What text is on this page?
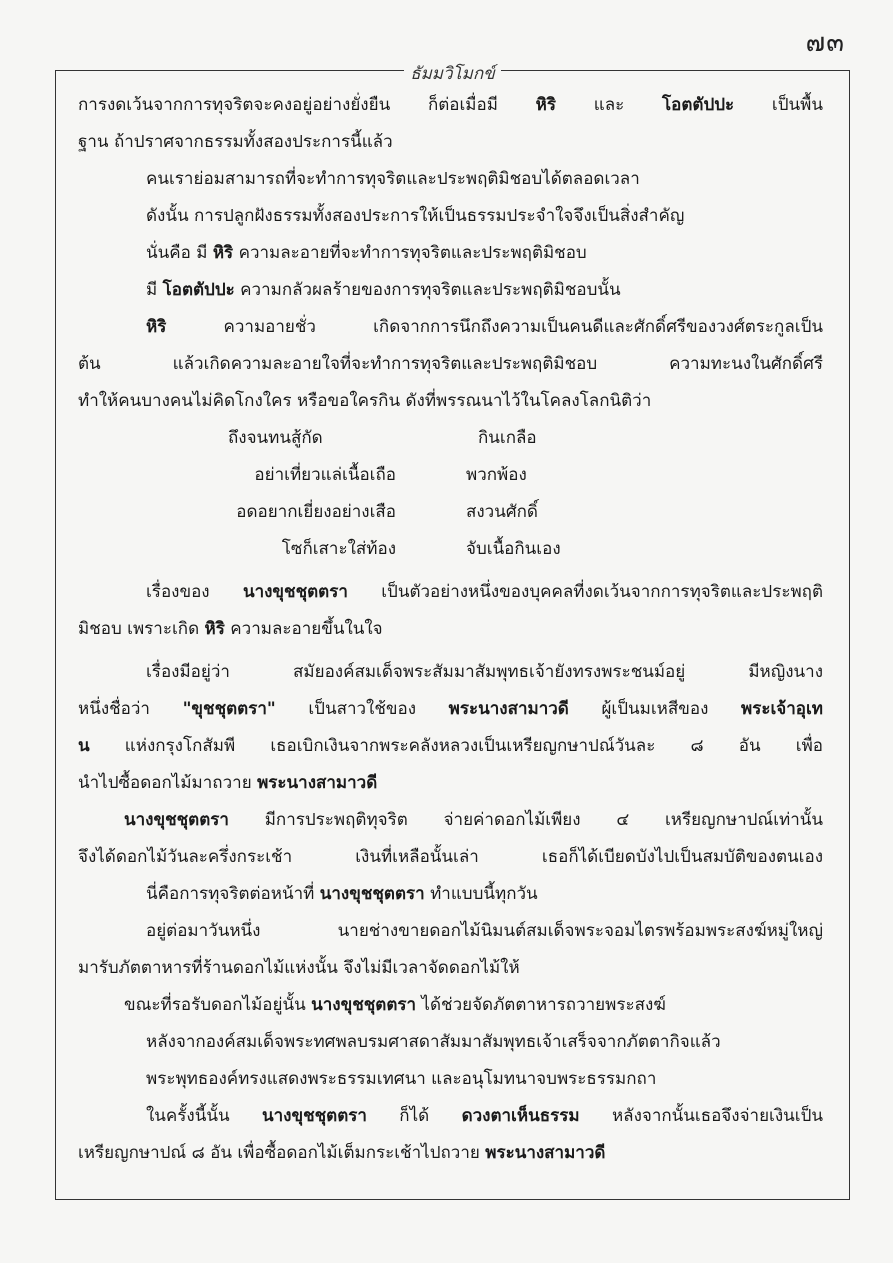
๗๓
ธัมมวิโมกข์
การงดเว้นจากการทุจริตจะคงอยู่อย่างยั่งยืน ก็ต่อเมื่อมี หิริ และ โอตตัปปะ เป็นพื้น
ฐาน ถ้าปราศจากธรรมทั้งสองประการนี้แล้ว
คนเราย่อมสามารถที่จะทำการทุจริตและประพฤติมิชอบได้ตลอดเวลา
ดังนั้น การปลูกฝังธรรมทั้งสองประการให้เป็นธรรมประจำใจจึงเป็นสิ่งสำคัญ
นั่นคือ มี หิริ ความละอายที่จะทำการทุจริตและประพฤติมิชอบ
มี โอตตัปปะ ความกลัวผลร้ายของการทุจริตและประพฤติมิชอบนั้น
หิริ ความอายชั่ว เกิดจากการนึกถึงความเป็นคนดีและศักดิ์ศรีของวงศ์ตระกูลเป็น
ต้น แล้วเกิดความละอายใจที่จะทำการทุจริตและประพฤติมิชอบ ความทะนงในศักดิ์ศรี
ทำให้คนบางคนไม่คิดโกงใคร หรือขอใครกิน ดังที่พรรณนาไว้ในโคลงโลกนิติว่า
ถึงจนทนสู้กัด	กินเกลือ
อย่าเที่ยวแล่เนื้อเถือ	พวกพ้อง
อดอยากเยี่ยงอย่างเสือ	สงวนศักดิ์
โซก็เสาะใส่ท้อง	จับเนื้อกินเอง
เรื่องของ นางขุชชุตตรา เป็นตัวอย่างหนึ่งของบุคคลที่งดเว้นจากการทุจริตและประพฤติ
มิชอบ เพราะเกิด หิริ ความละอายขึ้นในใจ
เรื่องมีอยู่ว่า สมัยองค์สมเด็จพระสัมมาสัมพุทธเจ้ายังทรงพระชนม์อยู่ มีหญิงนาง
หนึ่งชื่อว่า "ขุชชุตตรา" เป็นสาวใช้ของ พระนางสามาวดี ผู้เป็นมเหสีของ พระเจ้าอุเท
น แห่งกรุงโกสัมพี เธอเบิกเงินจากพระคลังหลวงเป็นเหรียญกษาปณ์วันละ ๘ อัน เพื่อ
นำไปซื้อดอกไม้มาถวาย พระนางสามาวดี
นางขุชชุตตรา มีการประพฤติทุจริต จ่ายค่าดอกไม้เพียง ๔ เหรียญกษาปณ์เท่านั้น
จึงได้ดอกไม้วันละครึ่งกระเช้า เงินที่เหลือนั้นเล่า เธอก็ได้เบียดบังไปเป็นสมบัติของตนเอง
นี่คือการทุจริตต่อหน้าที่ นางขุชชุตตรา ทำแบบนี้ทุกวัน
อยู่ต่อมาวันหนึ่ง นายช่างขายดอกไม้นิมนต์สมเด็จพระจอมไตรพร้อมพระสงฆ์หมู่ใหญ่
มารับภัตตาหารที่ร้านดอกไม้แห่งนั้น จึงไม่มีเวลาจัดดอกไม้ให้
ขณะที่รอรับดอกไม้อยู่นั้น นางขุชชุตตรา ได้ช่วยจัดภัตตาหารถวายพระสงฆ์
หลังจากองค์สมเด็จพระทศพลบรมศาสดาสัมมาสัมพุทธเจ้าเสร็จจากภัตตากิจแล้ว
พระพุทธองค์ทรงแสดงพระธรรมเทศนา และอนุโมทนาจบพระธรรมกถา
ในครั้งนี้นั้น นางขุชชุตตรา ก็ได้ ดวงตาเห็นธรรม หลังจากนั้นเธอจึงจ่ายเงินเป็น
เหรียญกษาปณ์ ๘ อัน เพื่อซื้อดอกไม้เต็มกระเช้าไปถวาย พระนางสามาวดี
